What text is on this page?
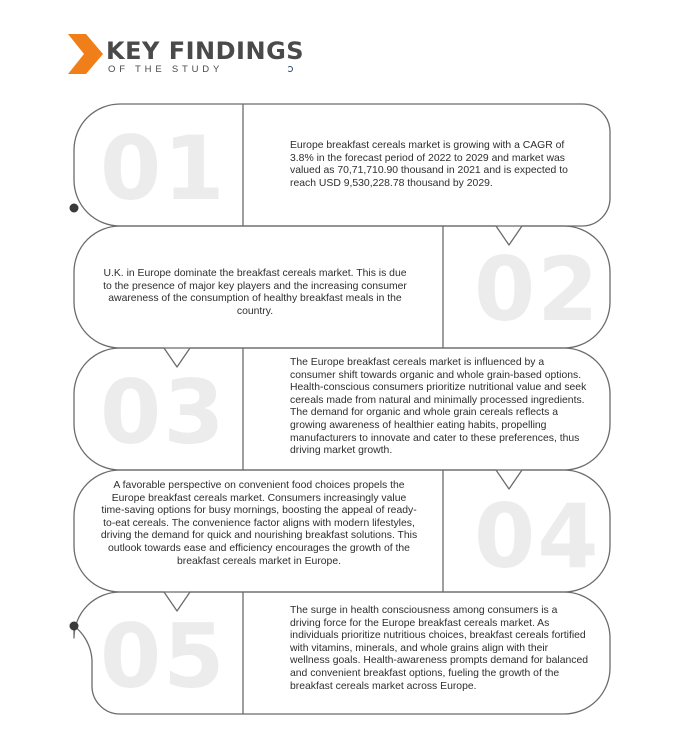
KEY FINDINGS
OF THE STUDY
01
02
03
04
05
Europe breakfast cereals market is growing with a CAGR of 3.8% in the forecast period of 2022 to 2029 and market was valued as 70,71,710.90 thousand in 2021 and is expected to reach USD 9,530,228.78 thousand by 2029.
U.K. in Europe dominate the breakfast cereals market. This is due to the presence of major key players and the increasing consumer awareness of the consumption of healthy breakfast meals in the country.
The Europe breakfast cereals market is influenced by a consumer shift towards organic and whole grain-based options. Health-conscious consumers prioritize nutritional value and seek cereals made from natural and minimally processed ingredients. The demand for organic and whole grain cereals reflects a growing awareness of healthier eating habits, propelling manufacturers to innovate and cater to these preferences, thus driving market growth.
A favorable perspective on convenient food choices propels the Europe breakfast cereals market. Consumers increasingly value time-saving options for busy mornings, boosting the appeal of ready-to-eat cereals. The convenience factor aligns with modern lifestyles, driving the demand for quick and nourishing breakfast solutions. This outlook towards ease and efficiency encourages the growth of the breakfast cereals market in Europe.
The surge in health consciousness among consumers is a driving force for the Europe breakfast cereals market. As individuals prioritize nutritious choices, breakfast cereals fortified with vitamins, minerals, and whole grains align with their wellness goals. Health-awareness prompts demand for balanced and convenient breakfast options, fueling the growth of the breakfast cereals market across Europe.
